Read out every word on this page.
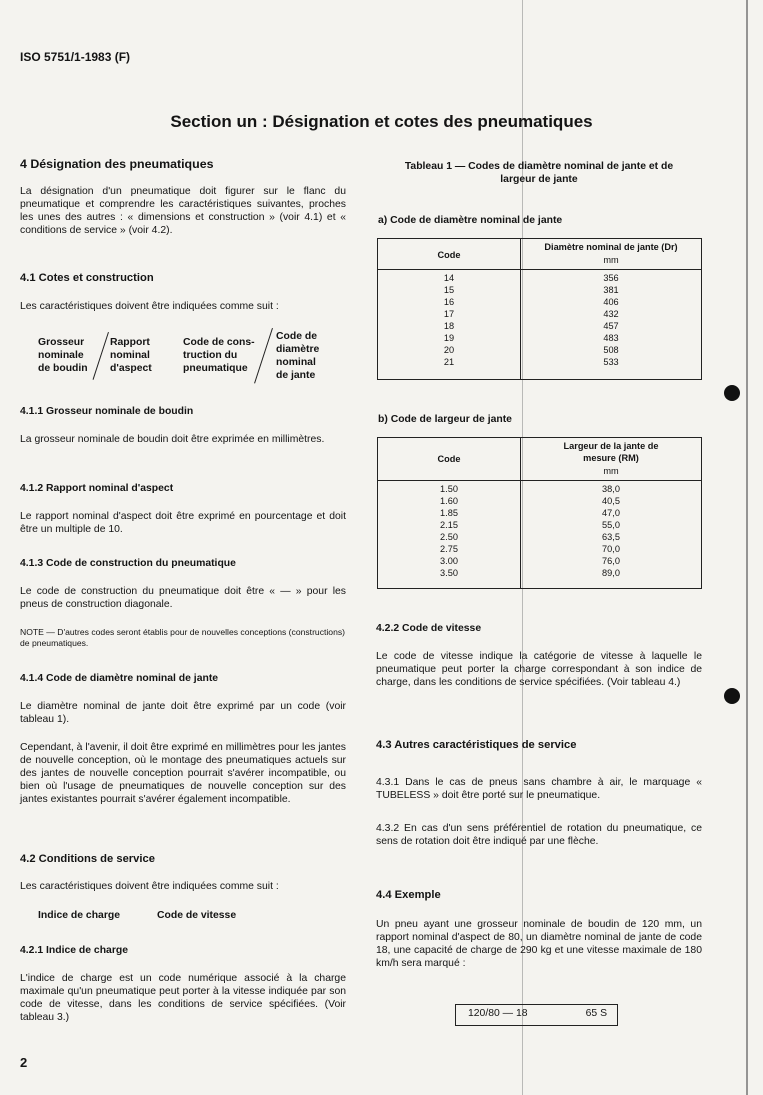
ISO 5751/1-1983 (F)
Section un : Désignation et cotes des pneumatiques
4 Désignation des pneumatiques

La désignation d'un pneumatique doit figurer sur le flanc du pneumatique et comprendre les caractéristiques suivantes, proches les unes des autres : « dimensions et construction » (voir 4.1) et « conditions de service » (voir 4.2).

4.1 Cotes et construction

Les caractéristiques doivent être indiquées comme suit :

Grosseur
nominale
de boudin
Rapport
nominal
d'aspect
Code de cons-
truction du
pneumatique
Code de
diamètre
nominal
de jante
4.1.1 Grosseur nominale de boudin

La grosseur nominale de boudin doit être exprimée en millimètres.

4.1.2 Rapport nominal d'aspect

Le rapport nominal d'aspect doit être exprimé en pourcentage et doit être un multiple de 10.

4.1.3 Code de construction du pneumatique

Le code de construction du pneumatique doit être « — » pour les pneus de construction diagonale.

NOTE — D'autres codes seront établis pour de nouvelles conceptions (constructions) de pneumatiques.
4.1.4 Code de diamètre nominal de jante

Le diamètre nominal de jante doit être exprimé par un code (voir tableau 1).

Cependant, à l'avenir, il doit être exprimé en millimètres pour les jantes de nouvelle conception, où le montage des pneumatiques actuels sur des jantes de nouvelle conception pourrait s'avérer incompatible, ou bien où l'usage de pneumatiques de nouvelle conception sur des jantes existantes pourrait s'avérer également incompatible.

4.2 Conditions de service

Les caractéristiques doivent être indiquées comme suit :

Indice de charge	Code de vitesse
4.2.1 Indice de charge

L'indice de charge est un code numérique associé à la charge maximale qu'un pneumatique peut porter à la vitesse indiquée par son code de vitesse, dans les conditions de service spécifiées. (Voir tableau 3.)

2
Tableau 1 — Codes de diamètre nominal de jante et de
largeur de jante
a) Code de diamètre nominal de jante
Code
Diamètre nominal de jante (Dr)
mm
14
15
16
17
18
19
20
21
356
381
406
432
457
483
508
533
b) Code de largeur de jante
Code
Largeur de la jante de
mesure (RM)
mm
1.50
1.60
1.85
2.15
2.50
2.75
3.00
3.50
38,0
40,5
47,0
55,0
63,5
70,0
76,0
89,0
4.2.2 Code de vitesse

Le code de vitesse indique la catégorie de vitesse à laquelle le pneumatique peut porter la charge correspondant à son indice de charge, dans les conditions de service spécifiées. (Voir tableau 4.)

4.3 Autres caractéristiques de service

4.3.1 Dans le cas de pneus sans chambre à air, le marquage « TUBELESS » doit être porté sur le pneumatique.

4.3.2 En cas d'un sens préférentiel de rotation du pneumatique, ce sens de rotation doit être indiqué par une flèche.

4.4 Exemple

Un pneu ayant une grosseur nominale de boudin de 120 mm, un rapport nominal d'aspect de 80, un diamètre nominal de jante de code 18, une capacité de charge de 290 kg et une vitesse maximale de 180 km/h sera marqué :

120/80 — 18	65 S
